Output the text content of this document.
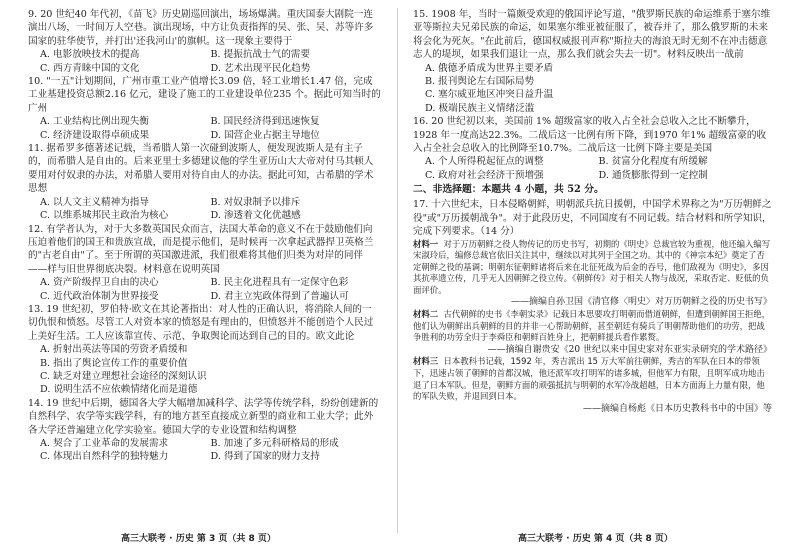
9. 20 世纪40 年代初，《苗飞》历史剧巡回演出，场场爆满。重庆国泰大剧院一连演出八场，一时间万人空巷。演出现场，中方让负责指挥的吴、张、吴、苏等许多国家的驻华使节，并打出'还我河山'的旗帜。这一现象主要得于

A. 电影放映技术的提高	B. 提振抗战士气的需要
C. 西方青睐中国的文化	D. 艺术出现平民化趋势

10. "一五"计划期间，广州市重工业产值增长3.09 倍，轻工业增长1.47 倍，完成工业基建投资总额2.16 亿元，建设了施工的工业建设单位235 个。据此可知当时的广州

A. 工业结构比例出现失衡	B. 国民经济得到迅速恢复
C. 经济建设取得卓硕成果	D. 国营企业占据主导地位

11. 据希罗多德著述记载，当希腊人第一次碰到波斯人，便发现波斯人是有主子的，而希腊人是自由的。后来亚里士多德建议他的学生亚历山大大帝对付马其顿人要用对付奴隶的办法，对希腊人要用对待自由人的办法。据此可知，古希腊的学术思想

A. 以人文主义精神为指导	B. 对奴隶制予以排斥
C. 以维系城邦民主政治为核心	D. 渗透着文化优越感

12. 有学者认为，对于大多数英国民众而言，法国大革命的意义不在于鼓励他们向压迫着他们的国王和贵族宣战，而是提示他们，是时候再一次拿起武器捍卫英格兰的"古老自由"了。至于所谓的英国激进派，我们很难将其他们归类为对岸的同伴——样与旧世界彻底决裂。材料意在说明英国

A. 资产阶级捍卫自由的决心	B. 民主化进程具有一定保守色彩
C. 近代政治体制为世界接受	D. 君主立宪政体得到了普遍认可

13. 19 世纪初，罗伯特·欧文在其论著指出：对人性的正确认识，将消除人间的一切仇恨和愤怒。尽管工人对资本家的愤怒是有理由的，但愤怒并不能创造个人民过上美好生活。工人应该靠宣传、示范、争取舆论而达到自己的目的。欧文此论

A. 折射出英法等国的劳资矛盾缓和
B. 指出了舆论宣传工作的重要价值
C. 缺乏对建立理想社会途径的深刻认识
D. 说明生活不应依赖情绪化而是道德

14. 19 世纪中后期，德国各大学大幅增加减科学、法学等传统学科，纷纷创建新的自然科学、农学等实践学科，有的地方甚至直接成立新型的商业和工业大学；此外各大学还普遍建立化学实验室。德国大学的专业设置和结构调整

A. 契合了工业革命的发展需求	B. 加速了多元科研格局的形成
C. 体现出自然科学的独特魅力	D. 得到了国家的财力支持
高三大联考 · 历史 第 3 页（共 8 页）

15. 1908 年，当时一篇颇受欢迎的俄国评论写道，"俄罗斯民族的命运维系于塞尔维亚等斯拉夫兄弟民族的命运，如果塞尔维亚被征服了，被吞并了，那么俄罗斯的未来将会化为死灰。"在此前后，德国权威报刊声称"斯拉夫的海浪无时无刻不在冲击德意志人的堤坝，如果我们退让一点，那么我们就会失去一切"。材料反映出一战前

A. 俄德矛盾成为世界主要矛盾
B. 报刊舆论左右国际局势
C. 塞尔威亚地区冲突日益升温
D. 极端民族主义情绪泛滥

16. 20 世纪初以来，美国前 1% 超级富家的收入占全社会总收入之比不断攀升，1928 年一度高达22.3%。二战后这一比例有所下降，到1970 年1% 超级富豪的收入占全社会总收入的比例降至10.7%。二战后这一比例下降主要是美国

A. 个人所得税起征点的调整	B. 贫富分化程度有所缓解
C. 政府对社会经济干预增强	D. 通货膨胀得到一定控制
二、非选择题：本题共 4 小题，共 52 分。

17. 十六世纪末，日本侵略朝鲜，明朝派兵抗日援朝，中国学术界称之为"万历朝鲜之役"或"万历援朝战争"。对于此段历史，不同国度有不同记载。结合材料和所学知识，完成下列要求。（14 分）

材料一 对于万历朝鲜之役人物传记的历史书写，初期的《明史》总裁官较为重视，他还编入编写宋淑玲后，编修总裁官依旧关注其中，继续以对其列于全国之功。其中的《神宗本纪》奠定了否定朝鲜之役的基调；明朝东征朝鲜诸将后来在北征死战为后金的吞号，他们敌视为《明史》，多因其抗率遗立传，几乎无人因朝鲜之役立传。《朝鲜传》对于相关人物与战况，采取否定、贬低的负面评价。

——摘编自孙卫国《清官修〈明史〉对万历朝鲜之役的历史书写》

材料二 古代朝鲜的史书《李朝实录》记载日本思要攻打明朝而借道朝鲜，但遭到朝鲜国王拒绝，他们认为朝鲜出兵朝鲜的目的并非一心帮助朝鲜，甚至朝廷有骑兵了明朝帮助他们的功劳，把战争胜利的功劳全归于李舜臣和朝鲜百姓身上，把朝鲜援兵看作累赘。

——摘编自谢贵安《20 世纪以来中国史家对东亚实录研究的学术路径》

材料三 日本教科书记载，1592 年，秀吉派出 15 万大军前往朝鲜，秀吉的军队在日本的带领下，迅速占领了朝鲜的首都汉城，他还派军攻打明军的诸多城，但他军力有限，且明军成功地击退了日本军队。但是，朝鲜方面的顽强抵抗与明朝的水军冷战超越，日本方面海上力量有限，他的军队失败，并退回到日本。

——摘编自杨彪《日本历史教科书中的中国》等

高三大联考 · 历史 第 4 页（共 8 页）
